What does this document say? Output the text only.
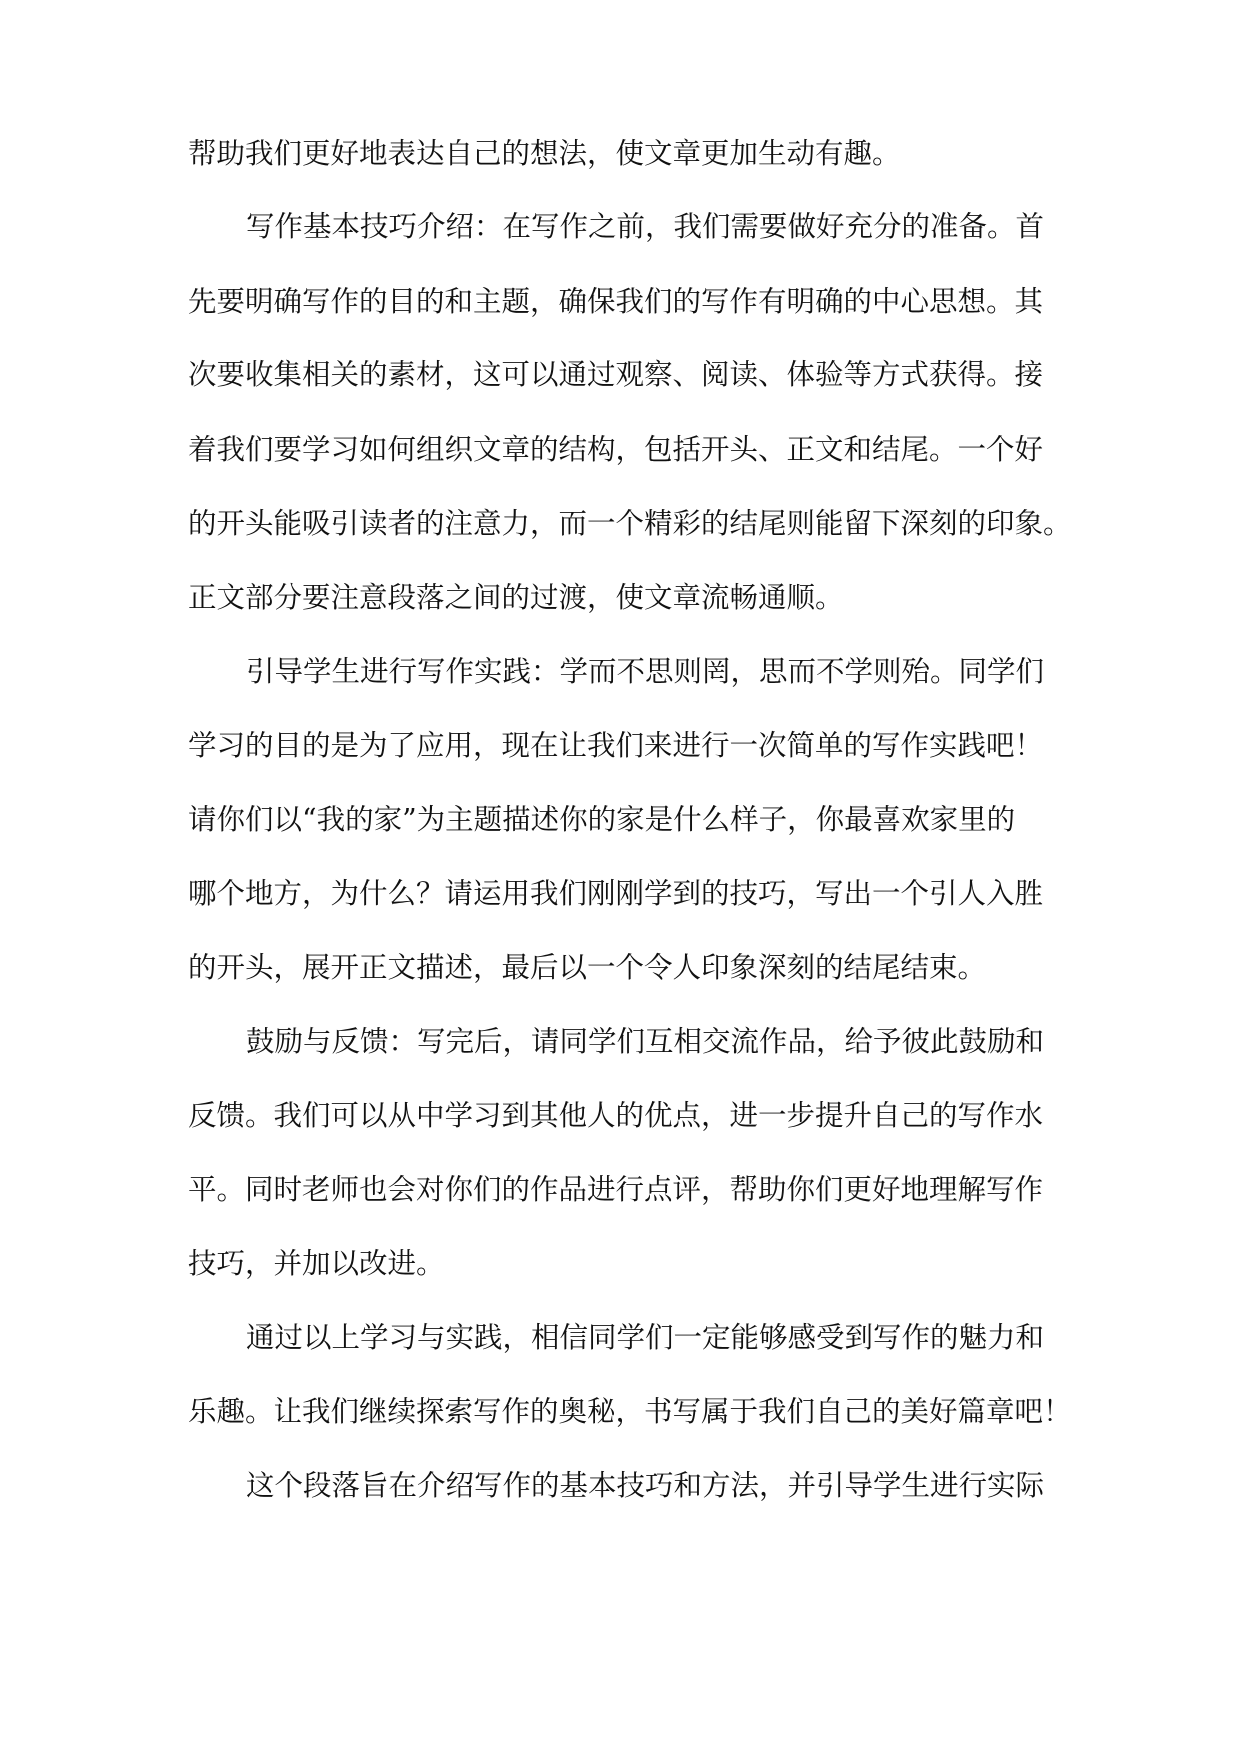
帮助我们更好地表达自己的想法，使文章更加生动有趣。

写作基本技巧介绍：在写作之前，我们需要做好充分的准备。首

先要明确写作的目的和主题，确保我们的写作有明确的中心思想。其

次要收集相关的素材，这可以通过观察、阅读、体验等方式获得。接

着我们要学习如何组织文章的结构，包括开头、正文和结尾。一个好

的开头能吸引读者的注意力，而一个精彩的结尾则能留下深刻的印象。

正文部分要注意段落之间的过渡，使文章流畅通顺。

引导学生进行写作实践：学而不思则罔，思而不学则殆。同学们

学习的目的是为了应用，现在让我们来进行一次简单的写作实践吧！

请你们以“我的家”为主题描述你的家是什么样子，你最喜欢家里的

哪个地方，为什么？请运用我们刚刚学到的技巧，写出一个引人入胜

的开头，展开正文描述，最后以一个令人印象深刻的结尾结束。

鼓励与反馈：写完后，请同学们互相交流作品，给予彼此鼓励和

反馈。我们可以从中学习到其他人的优点，进一步提升自己的写作水

平。同时老师也会对你们的作品进行点评，帮助你们更好地理解写作

技巧，并加以改进。

通过以上学习与实践，相信同学们一定能够感受到写作的魅力和

乐趣。让我们继续探索写作的奥秘，书写属于我们自己的美好篇章吧！

这个段落旨在介绍写作的基本技巧和方法，并引导学生进行实际
